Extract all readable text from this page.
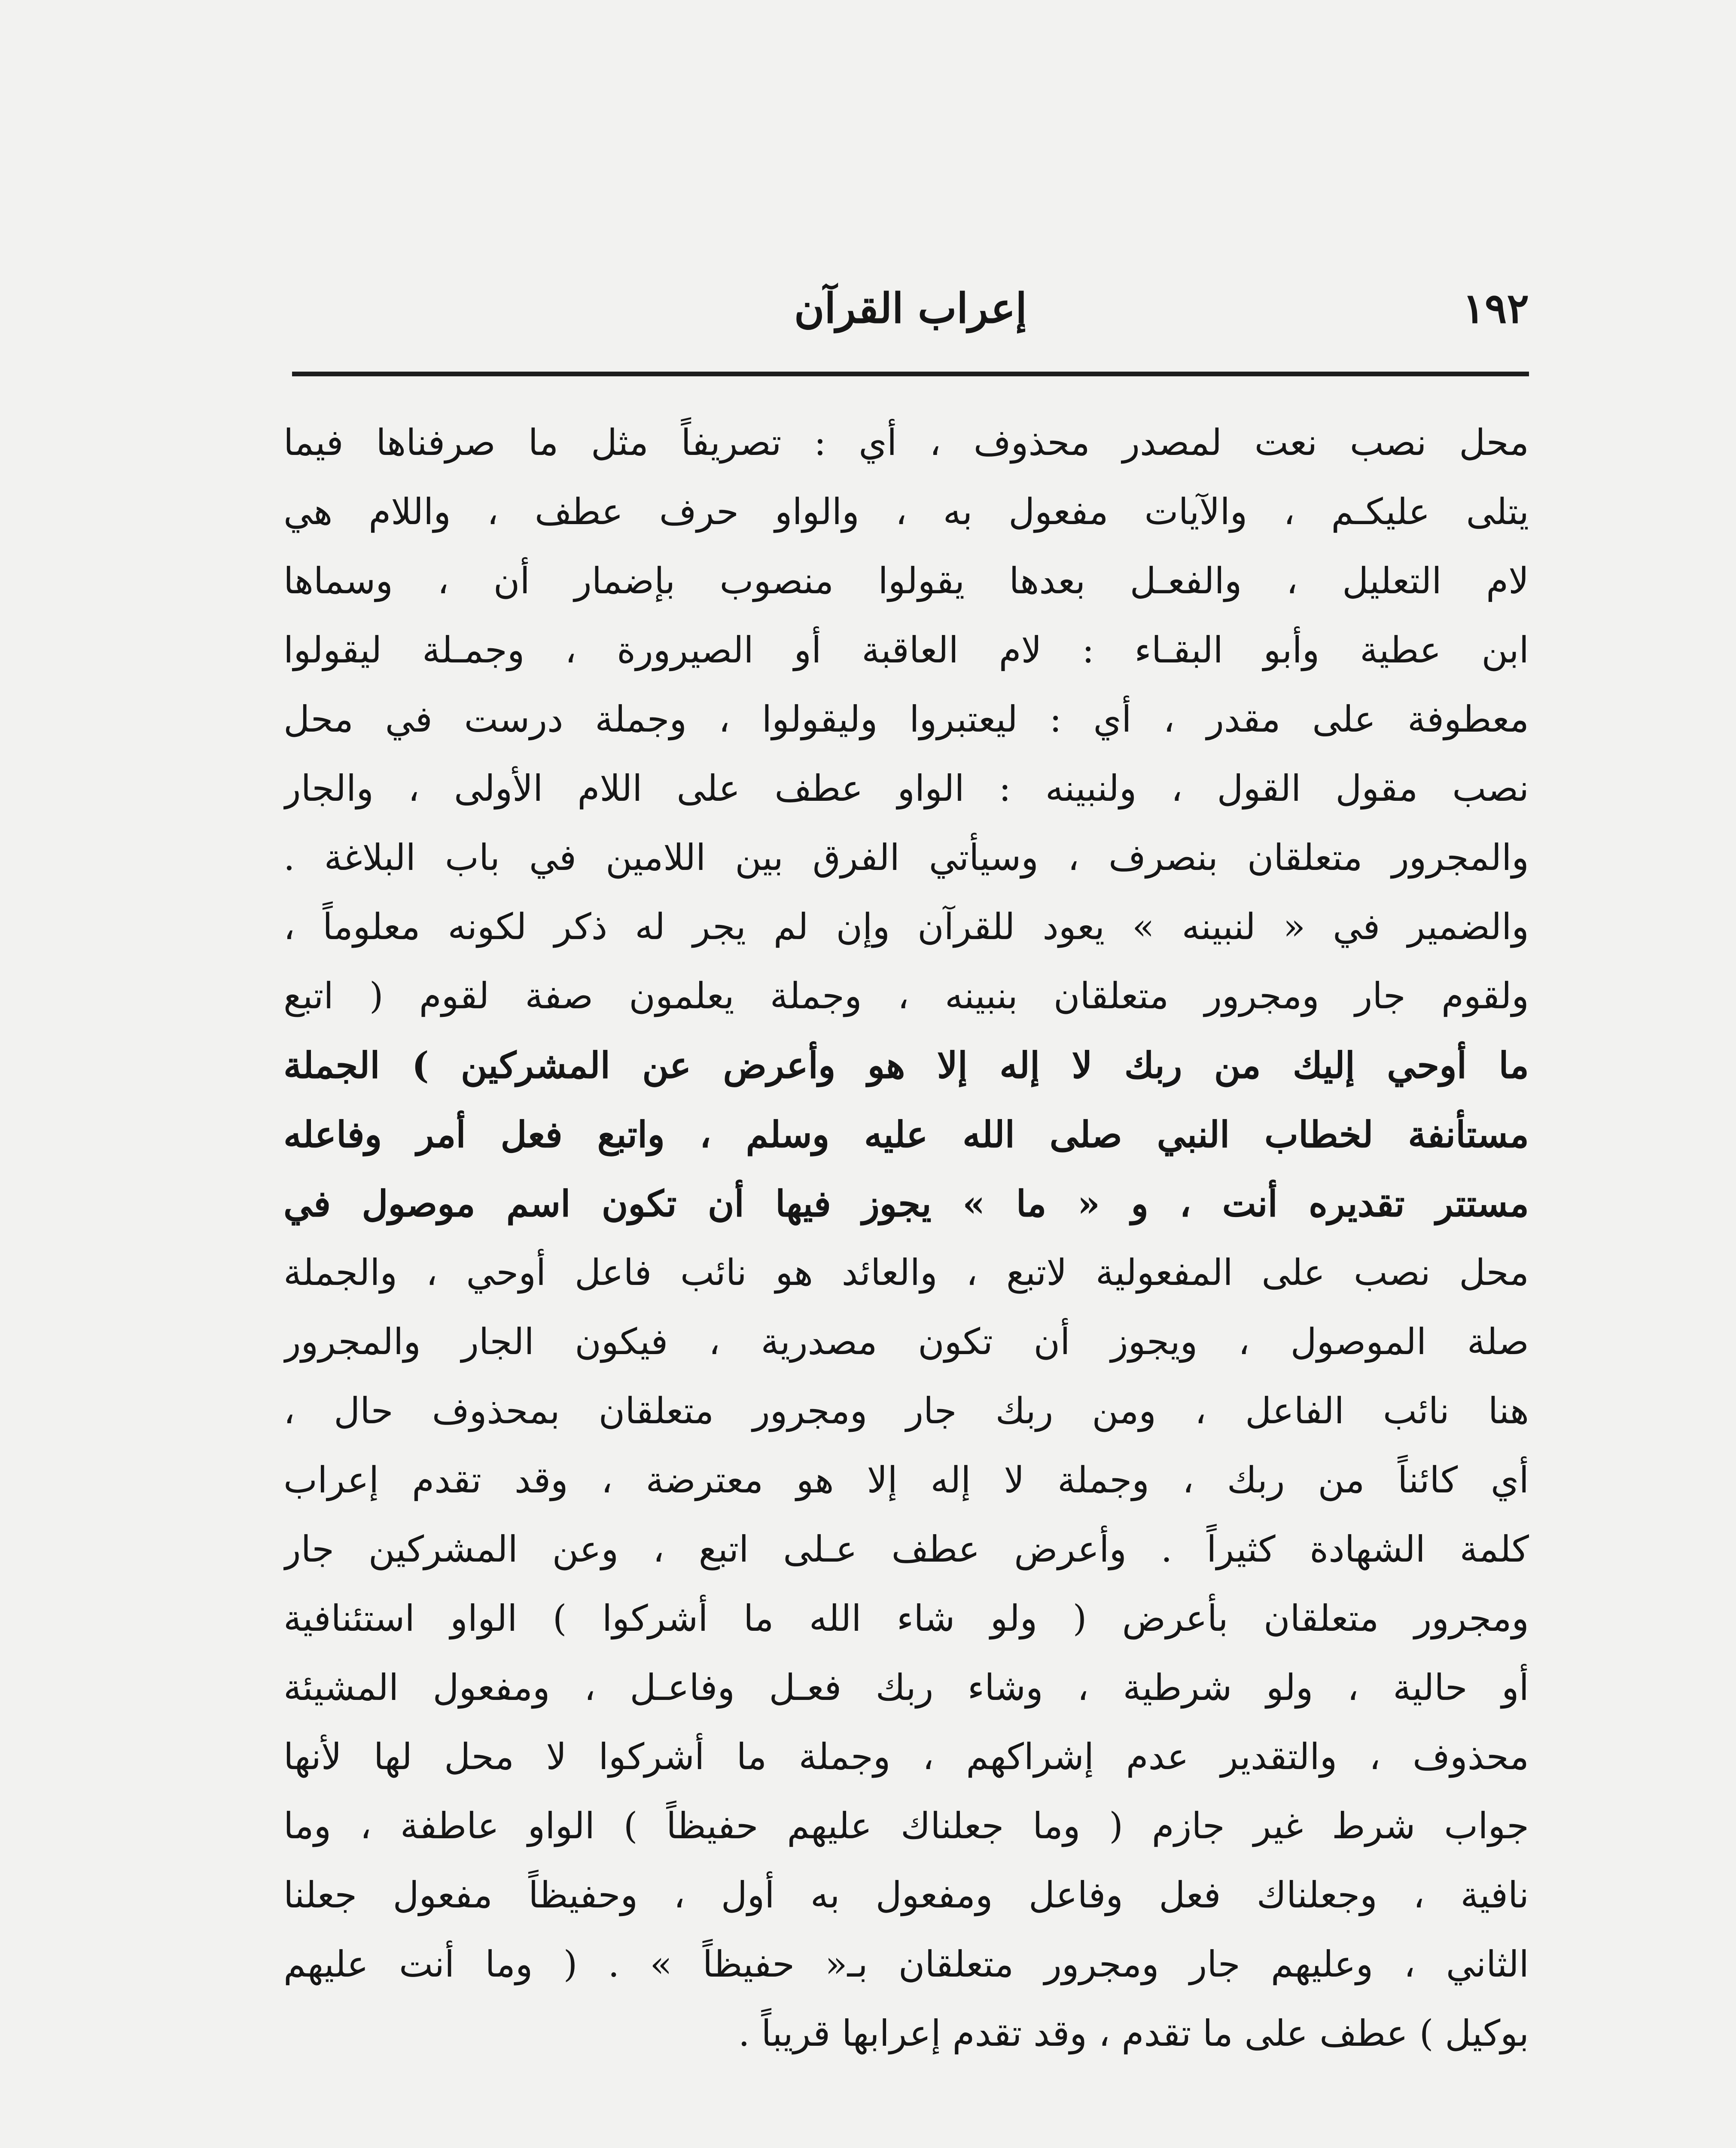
١٩٢
إعراب القرآن
محل نصب نعت لمصدر محذوف ، أي : تصريفاً مثل ما صرفناها فيما
يتلى عليكـم ، والآيات مفعول به ، والواو حرف عطف ، واللام هي
لام التعليل ، والفعـل بعدها يقولوا منصوب بإضمار أن ، وسماها
ابن عطية وأبو البقـاء : لام العاقبة أو الصيرورة ، وجمـلة ليقولوا
معطوفة على مقدر ، أي : ليعتبروا وليقولوا ، وجملة درست في محل
نصب مقول القول ، ولنبينه : الواو عطف على اللام الأولى ، والجار
والمجرور متعلقان بنصرف ، وسيأتي الفرق بين اللامين في باب البلاغة .
والضمير في « لنبينه » يعود للقرآن وإن لم يجر له ذكر لكونه معلوماً ،
ولقوم جار ومجرور متعلقان بنبينه ، وجملة يعلمون صفة لقوم ( اتبع
ما أوحي إليك من ربك لا إله إلا هو وأعرض عن المشركين ) الجملة
مستأنفة لخطاب النبي صلى الله عليه وسلم ، واتبع فعل أمر وفاعله
مستتر تقديره أنت ، و « ما » يجوز فيها أن تكون اسم موصول في
محل نصب على المفعولية لاتبع ، والعائد هو نائب فاعل أوحي ، والجملة
صلة الموصول ، ويجوز أن تكون مصدرية ، فيكون الجار والمجرور
هنا نائب الفاعل ، ومن ربك جار ومجرور متعلقان بمحذوف حال ،
أي كائناً من ربك ، وجملة لا إله إلا هو معترضة ، وقد تقدم إعراب
كلمة الشهادة كثيراً . وأعرض عطف عـلى اتبع ، وعن المشركين جار
ومجرور متعلقان بأعرض ( ولو شاء الله ما أشركوا ) الواو استئنافية
أو حالية ، ولو شرطية ، وشاء ربك فعـل وفاعـل ، ومفعول المشيئة
محذوف ، والتقدير عدم إشراكهم ، وجملة ما أشركوا لا محل لها لأنها
جواب شرط غير جازم ( وما جعلناك عليهم حفيظاً ) الواو عاطفة ، وما
نافية ، وجعلناك فعل وفاعل ومفعول به أول ، وحفيظاً مفعول جعلنا
الثاني ، وعليهم جار ومجرور متعلقان بـ« حفيظاً » . ( وما أنت عليهم
بوكيل ) عطف على ما تقدم ، وقد تقدم إعرابها قريباً .
